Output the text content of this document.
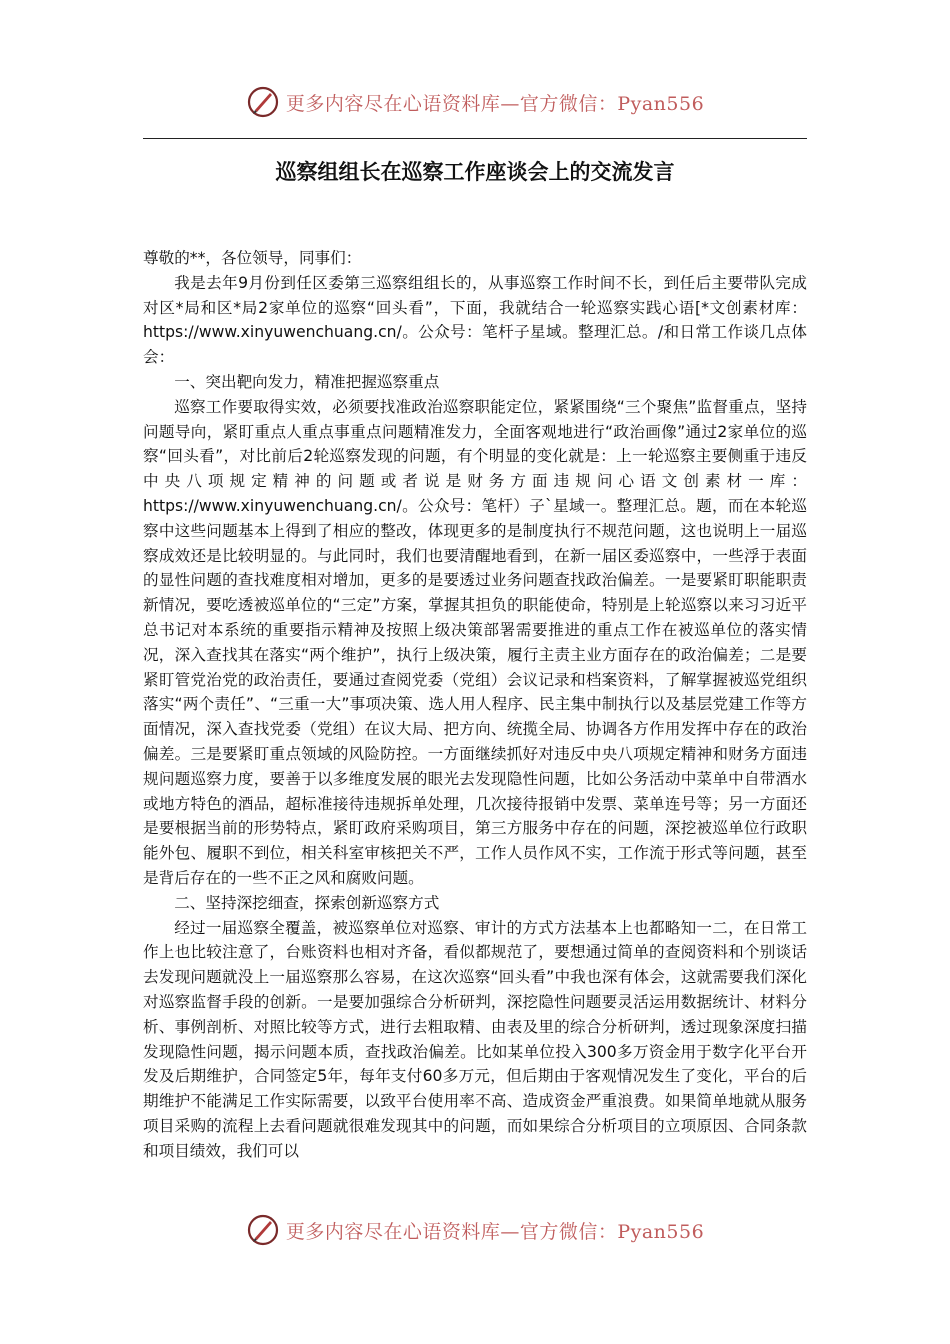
更多内容尽在心语资料库—官方微信：Pyan556
巡察组组长在巡察工作座谈会上的交流发言

尊敬的**，各位领导，同事们：

我是去年9月份到任区委第三巡察组组长的，从事巡察工作时间不长，到任后主要带队完成对区*局和区*局2家单位的巡察“回头看”，下面，我就结合一轮巡察实践心语[*文创素材库：https://www.xinyuwenchuang.cn/。公众号：笔杆子星域。整理汇总。/和日常工作谈几点体会：

一、突出靶向发力，精准把握巡察重点

巡察工作要取得实效，必须要找准政治巡察职能定位，紧紧围绕“三个聚焦”监督重点，坚持问题导向，紧盯重点人重点事重点问题精准发力，全面客观地进行“政治画像”通过2家单位的巡察“回头看”，对比前后2轮巡察发现的问题，有个明显的变化就是：上一轮巡察主要侧重于违反中央八项规定精神的问题或者说是财务方面违规问心语文创素材一库：https://www.xinyuwenchuang.cn/。公众号：笔杆）子`星域一。整理汇总。题，而在本轮巡察中这些问题基本上得到了相应的整改，体现更多的是制度执行不规范问题，这也说明上一届巡察成效还是比较明显的。与此同时，我们也要清醒地看到，在新一届区委巡察中，一些浮于表面的显性问题的查找难度相对增加，更多的是要透过业务问题查找政治偏差。一是要紧盯职能职责新情况，要吃透被巡单位的“三定”方案，掌握其担负的职能使命，特别是上轮巡察以来习习近平总书记对本系统的重要指示精神及按照上级决策部署需要推进的重点工作在被巡单位的落实情况，深入查找其在落实“两个维护”，执行上级决策，履行主责主业方面存在的政治偏差；二是要紧盯管党治党的政治责任，要通过查阅党委（党组）会议记录和档案资料，了解掌握被巡党组织落实“两个责任”、“三重一大”事项决策、选人用人程序、民主集中制执行以及基层党建工作等方面情况，深入查找党委（党组）在议大局、把方向、统揽全局、协调各方作用发挥中存在的政治偏差。三是要紧盯重点领域的风险防控。一方面继续抓好对违反中央八项规定精神和财务方面违规问题巡察力度，要善于以多维度发展的眼光去发现隐性问题，比如公务活动中菜单中自带酒水或地方特色的酒品，超标准接待违规拆单处理，几次接待报销中发票、菜单连号等；另一方面还是要根据当前的形势特点，紧盯政府采购项目，第三方服务中存在的问题，深挖被巡单位行政职能外包、履职不到位，相关科室审核把关不严，工作人员作风不实，工作流于形式等问题，甚至是背后存在的一些不正之风和腐败问题。

二、坚持深挖细查，探索创新巡察方式

经过一届巡察全覆盖，被巡察单位对巡察、审计的方式方法基本上也都略知一二，在日常工作上也比较注意了，台账资料也相对齐备，看似都规范了，要想通过简单的查阅资料和个别谈话去发现问题就没上一届巡察那么容易，在这次巡察“回头看”中我也深有体会，这就需要我们深化对巡察监督手段的创新。一是要加强综合分析研判，深挖隐性问题要灵活运用数据统计、材料分析、事例剖析、对照比较等方式，进行去粗取精、由表及里的综合分析研判，透过现象深度扫描发现隐性问题，揭示问题本质，查找政治偏差。比如某单位投入300多万资金用于数字化平台开发及后期维护，合同签定5年，每年支付60多万元，但后期由于客观情况发生了变化，平台的后期维护不能满足工作实际需要，以致平台使用率不高、造成资金严重浪费。如果简单地就从服务项目采购的流程上去看问题就很难发现其中的问题，而如果综合分析项目的立项原因、合同条款和项目绩效，我们可以

更多内容尽在心语资料库—官方微信：Pyan556
